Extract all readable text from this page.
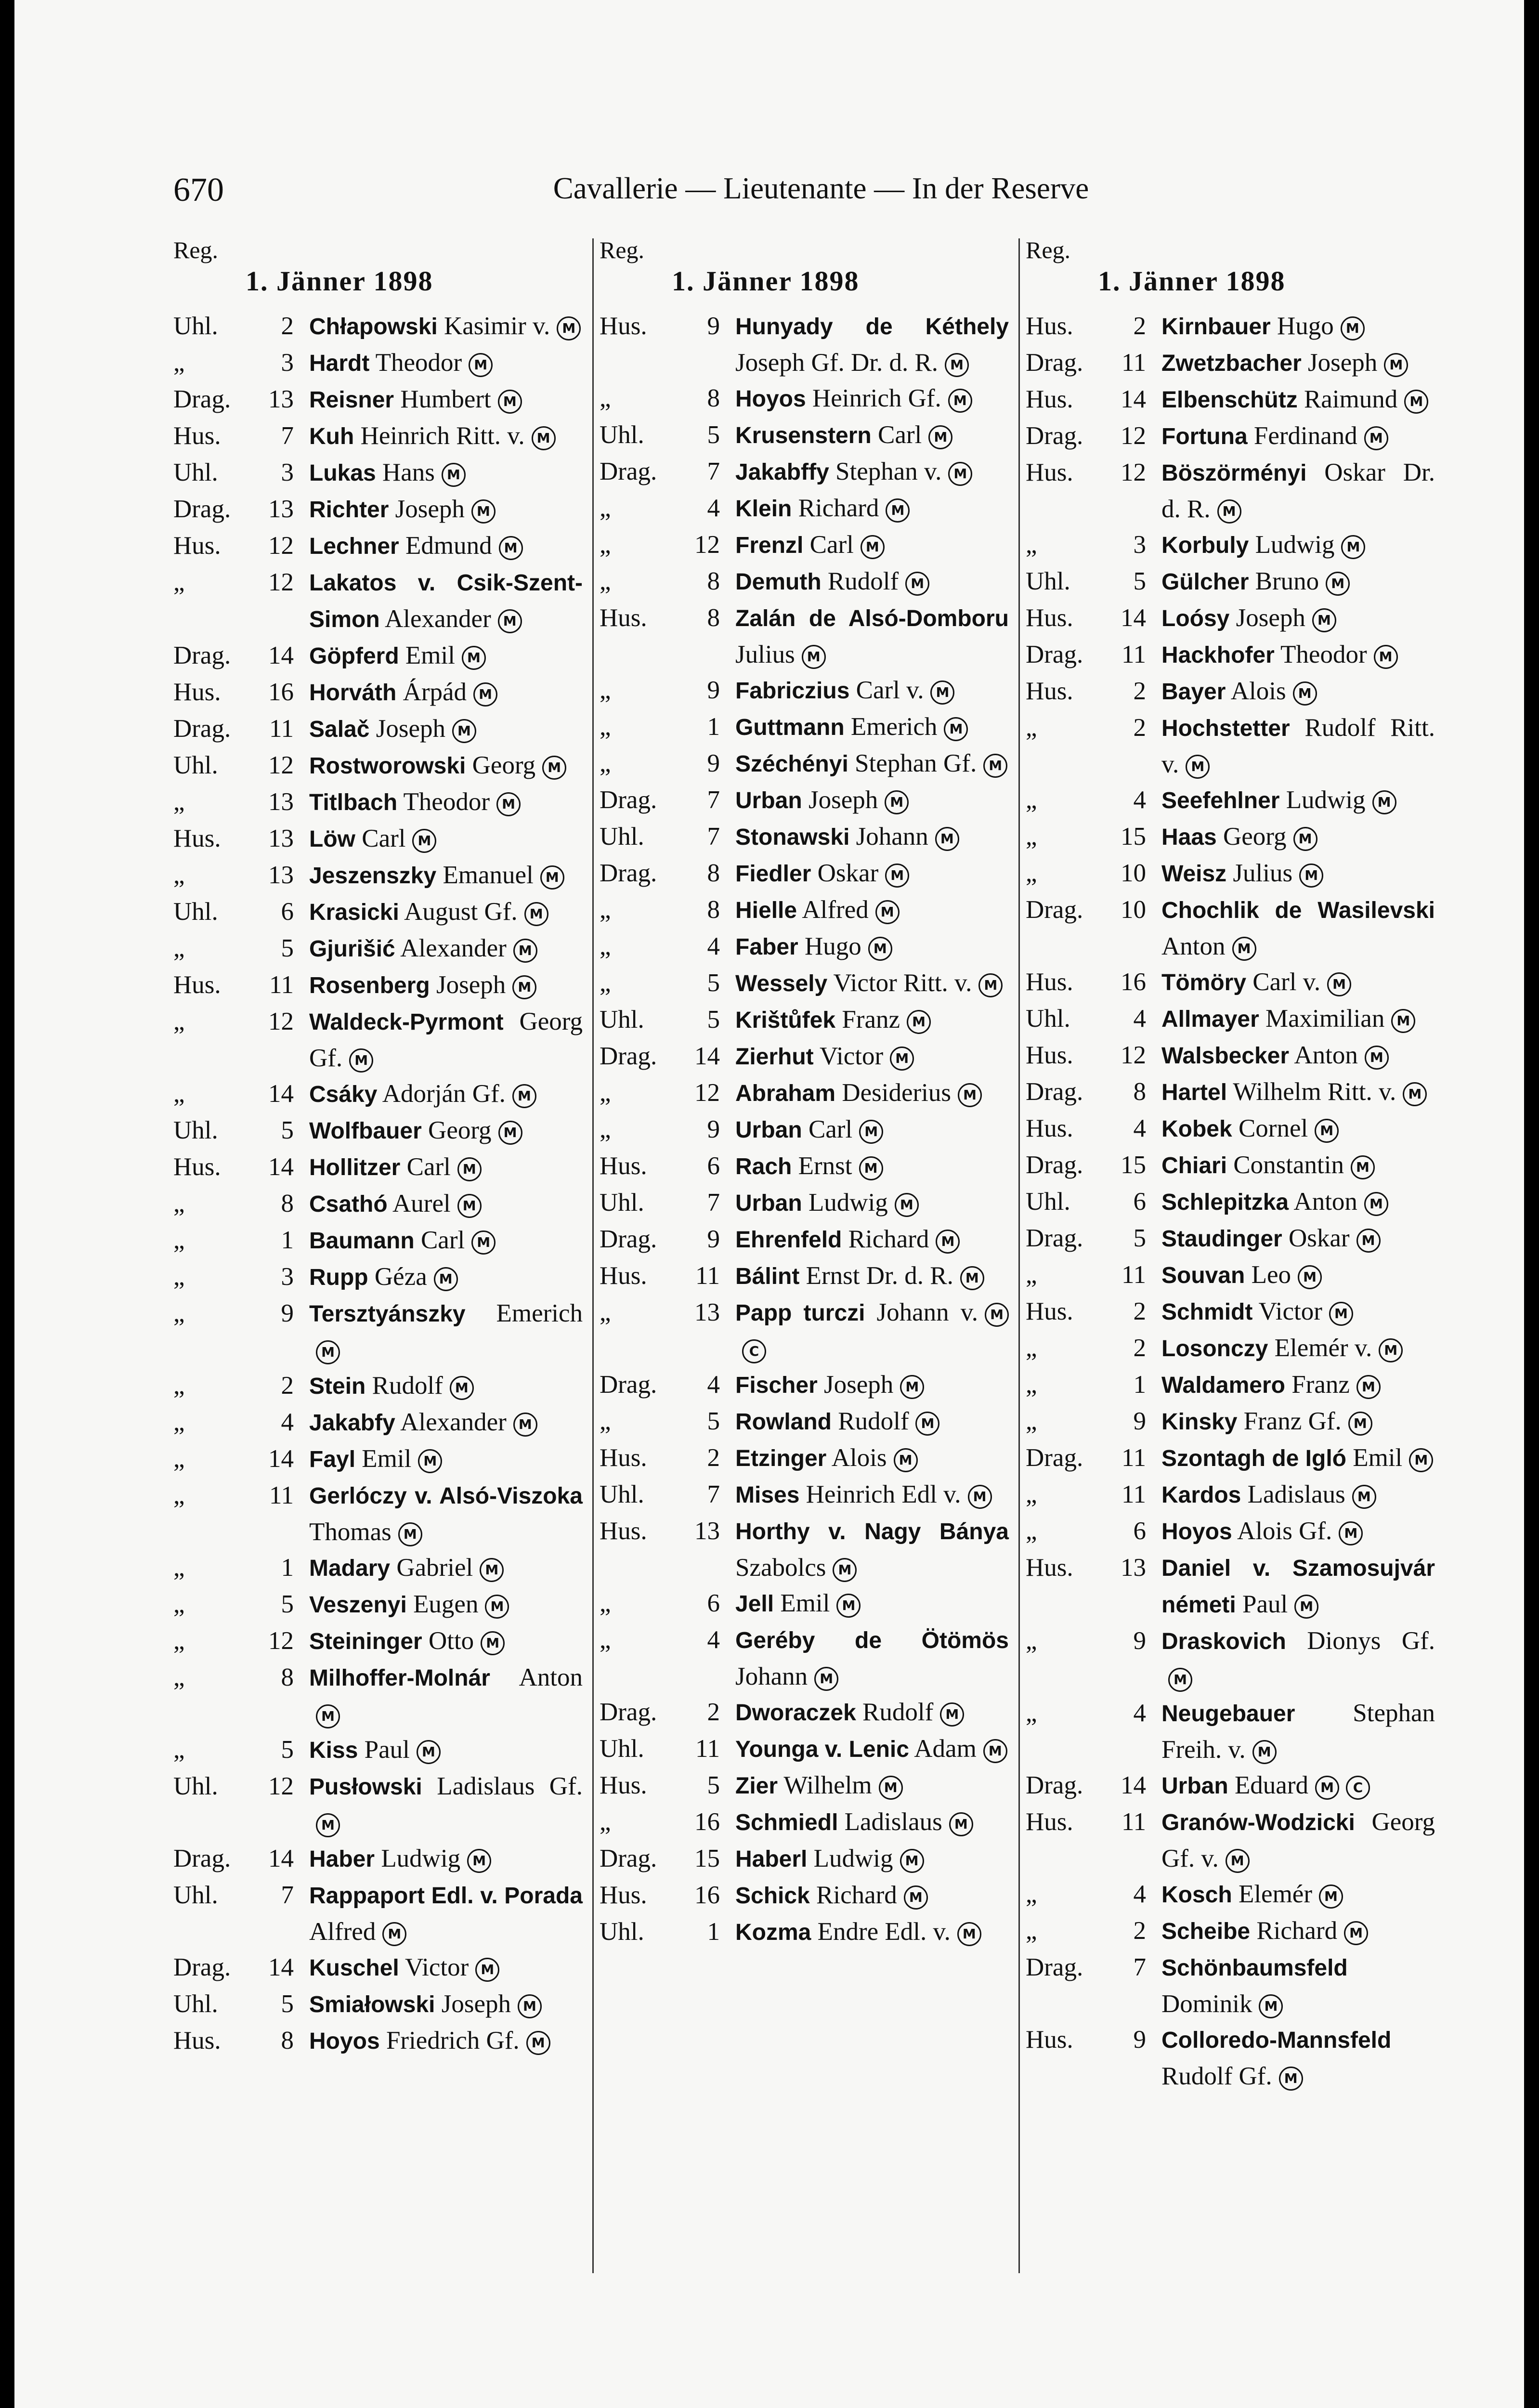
670	Cavallerie — Lieutenante — In der Reserve
Reg.
1. Jänner 1898
Uhl.	2 Chłapowski Kasimir v. M
„	3 Hardt Theodor M
Drag.	13 Reisner Humbert M
Hus.	7 Kuh Heinrich Ritt. v. M
Uhl.	3 Lukas Hans M
Drag.	13 Richter Joseph M
Hus.	12 Lechner Edmund M
„	12 Lakatos v. Csik-Szent-Simon Alexander M
Drag.	14 Göpferd Emil M
Hus.	16 Horváth Árpád M
Drag.	11 Salač Joseph M
Uhl.	12 Rostworowski Georg M
„	13 Titlbach Theodor M
Hus.	13 Löw Carl M
„	13 Jeszenszky Emanuel M
Uhl.	6 Krasicki August Gf. M
„	5 Gjurišić Alexander M
Hus.	11 Rosenberg Joseph M
„	12 Waldeck-Pyrmont Georg Gf. M
„	14 Csáky Adorján Gf. M
Uhl.	5 Wolfbauer Georg M
Hus.	14 Hollitzer Carl M
„	8 Csathó Aurel M
„	1 Baumann Carl M
„	3 Rupp Géza M
„	9 Tersztyánszky EmerichM
„	2 Stein Rudolf M
„	4 Jakabfy Alexander M
„	14 Fayl Emil M
„	11 Gerlóczy v. Alsó-Viszoka Thomas M
„	1 Madary Gabriel M
„	5 Veszenyi Eugen M
„	12 Steininger Otto M
„	8 Milhoffer-Molnár AntonM
„	5 Kiss Paul M
Uhl.	12 Pusłowski Ladislaus Gf.M
Drag.	14 Haber Ludwig M
Uhl.	7 Rappaport Edl. v. Porada Alfred M
Drag.	14 Kuschel Victor M
Uhl.	5 Smiałowski Joseph M
Hus.	8 Hoyos Friedrich Gf. M
Reg.
1. Jänner 1898
Hus.	9 Hunyady de Kéthely Joseph Gf. Dr. d. R. M
„	8 Hoyos Heinrich Gf. M
Uhl.	5 Krusenstern Carl M
Drag.	7 Jakabffy Stephan v. M
„	4 Klein Richard M
„	12 Frenzl Carl M
„	8 Demuth Rudolf M
Hus.	8 Zalán de Alsó-Domboru Julius M
„	9 Fabriczius Carl v. M
„	1 Guttmann Emerich M
„	9 Széchényi Stephan Gf. M
Drag.	7 Urban Joseph M
Uhl.	7 Stonawski Johann M
Drag.	8 Fiedler Oskar M
„	8 Hielle Alfred M
„	4 Faber Hugo M
„	5 Wessely Victor Ritt. v. M
Uhl.	5 Krištůfek Franz M
Drag.	14 Zierhut Victor M
„	12 Abraham Desiderius M
„	9 Urban Carl M
Hus.	6 Rach Ernst M
Uhl.	7 Urban Ludwig M
Drag.	9 Ehrenfeld Richard M
Hus.	11 Bálint Ernst Dr. d. R. M
„	13 Papp turczi Johann v. MC
Drag.	4 Fischer Joseph M
„	5 Rowland Rudolf M
Hus.	2 Etzinger Alois M
Uhl.	7 Mises Heinrich Edl v. M
Hus.	13 Horthy v. Nagy Bánya Szabolcs M
„	6 Jell Emil M
„	4 Geréby de Ötömös Johann M
Drag.	2 Dworaczek Rudolf M
Uhl.	11 Younga v. Lenic Adam M
Hus.	5 Zier Wilhelm M
„	16 Schmiedl Ladislaus M
Drag.	15 Haberl Ludwig M
Hus.	16 Schick Richard M
Uhl.	1 Kozma Endre Edl. v. M
Reg.
1. Jänner 1898
Hus.	2 Kirnbauer Hugo M
Drag.	11 Zwetzbacher Joseph M
Hus.	14 Elbenschütz Raimund M
Drag.	12 Fortuna Ferdinand M
Hus.	12 Böszörményi Oskar Dr. d. R. M
„	3 Korbuly Ludwig M
Uhl.	5 Gülcher Bruno M
Hus.	14 Loósy Joseph M
Drag.	11 Hackhofer Theodor M
Hus.	2 Bayer Alois M
„	2 Hochstetter Rudolf Ritt. v. M
„	4 Seefehlner Ludwig M
„	15 Haas Georg M
„	10 Weisz Julius M
Drag.	10 Chochlik de Wasilevski Anton M
Hus.	16 Tömöry Carl v. M
Uhl.	4 Allmayer Maximilian M
Hus.	12 Walsbecker Anton M
Drag.	8 Hartel Wilhelm Ritt. v. M
Hus.	4 Kobek Cornel M
Drag.	15 Chiari Constantin M
Uhl.	6 Schlepitzka Anton M
Drag.	5 Staudinger Oskar M
„	11 Souvan Leo M
Hus.	2 Schmidt Victor M
„	2 Losonczy Elemér v. M
„	1 Waldamero Franz M
„	9 Kinsky Franz Gf. M
Drag.	11 Szontagh de Igló Emil M
„	11 Kardos Ladislaus M
„	6 Hoyos Alois Gf. M
Hus.	13 Daniel v. Szamosujvár németi Paul M
„	9 Draskovich Dionys Gf.M
„	4 Neugebauer Stephan Freih. v. M
Drag.	14 Urban Eduard M C
Hus.	11 Granów-Wodzicki Georg Gf. v. M
„	4 Kosch Elemér M
„	2 Scheibe Richard M
Drag.	7 Schönbaumsfeld Dominik M
Hus.	9 Colloredo-Mannsfeld Rudolf Gf. M
